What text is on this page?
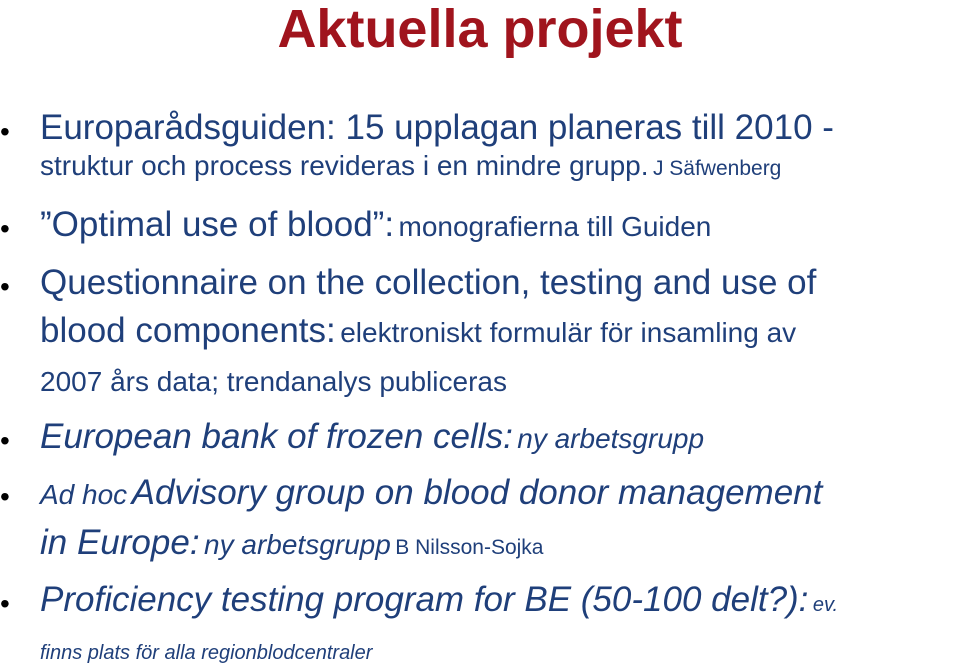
Aktuella projekt
• Europarådsguiden: 15 upplagan planeras till 2010 -
struktur och process revideras i en mindre grupp. J Säfwenberg
• ”Optimal use of blood”: monografierna till Guiden
• Questionnaire on the collection, testing and use of
blood components: elektroniskt formulär för insamling av
2007 års data; trendanalys publiceras
• European bank of frozen cells: ny arbetsgrupp
• Ad hoc Advisory group on blood donor management
in Europe: ny arbetsgrupp B Nilsson-Sojka
• Proficiency testing program for BE (50-100 delt?): ev.
finns plats för alla regionblodcentraler
